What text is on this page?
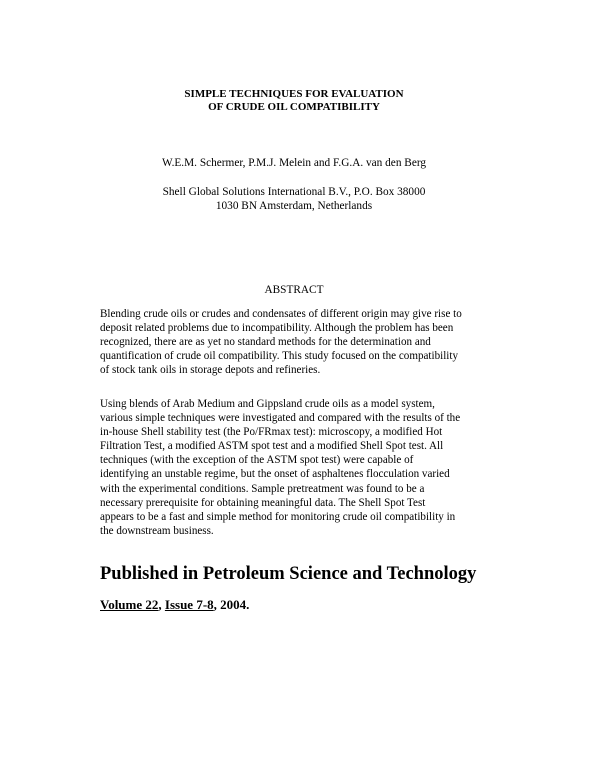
SIMPLE TECHNIQUES FOR EVALUATION
OF CRUDE OIL COMPATIBILITY
W.E.M. Schermer, P.M.J. Melein and F.G.A. van den Berg
Shell Global Solutions International B.V., P.O. Box 38000
1030 BN Amsterdam, Netherlands
ABSTRACT
Blending crude oils or crudes and condensates of different origin may give rise to
deposit related problems due to incompatibility. Although the problem has been
recognized, there are as yet no standard methods for the determination and
quantification of crude oil compatibility. This study focused on the compatibility
of stock tank oils in storage depots and refineries.
Using blends of Arab Medium and Gippsland crude oils as a model system,
various simple techniques were investigated and compared with the results of the
in-house Shell stability test (the Po/FRmax test): microscopy, a modified Hot
Filtration Test, a modified ASTM spot test and a modified Shell Spot test. All
techniques (with the exception of the ASTM spot test) were capable of
identifying an unstable regime, but the onset of asphaltenes flocculation varied
with the experimental conditions. Sample pretreatment was found to be a
necessary prerequisite for obtaining meaningful data. The Shell Spot Test
appears to be a fast and simple method for monitoring crude oil compatibility in
the downstream business.
Published in Petroleum Science and Technology
Volume 22, Issue 7-8, 2004.
